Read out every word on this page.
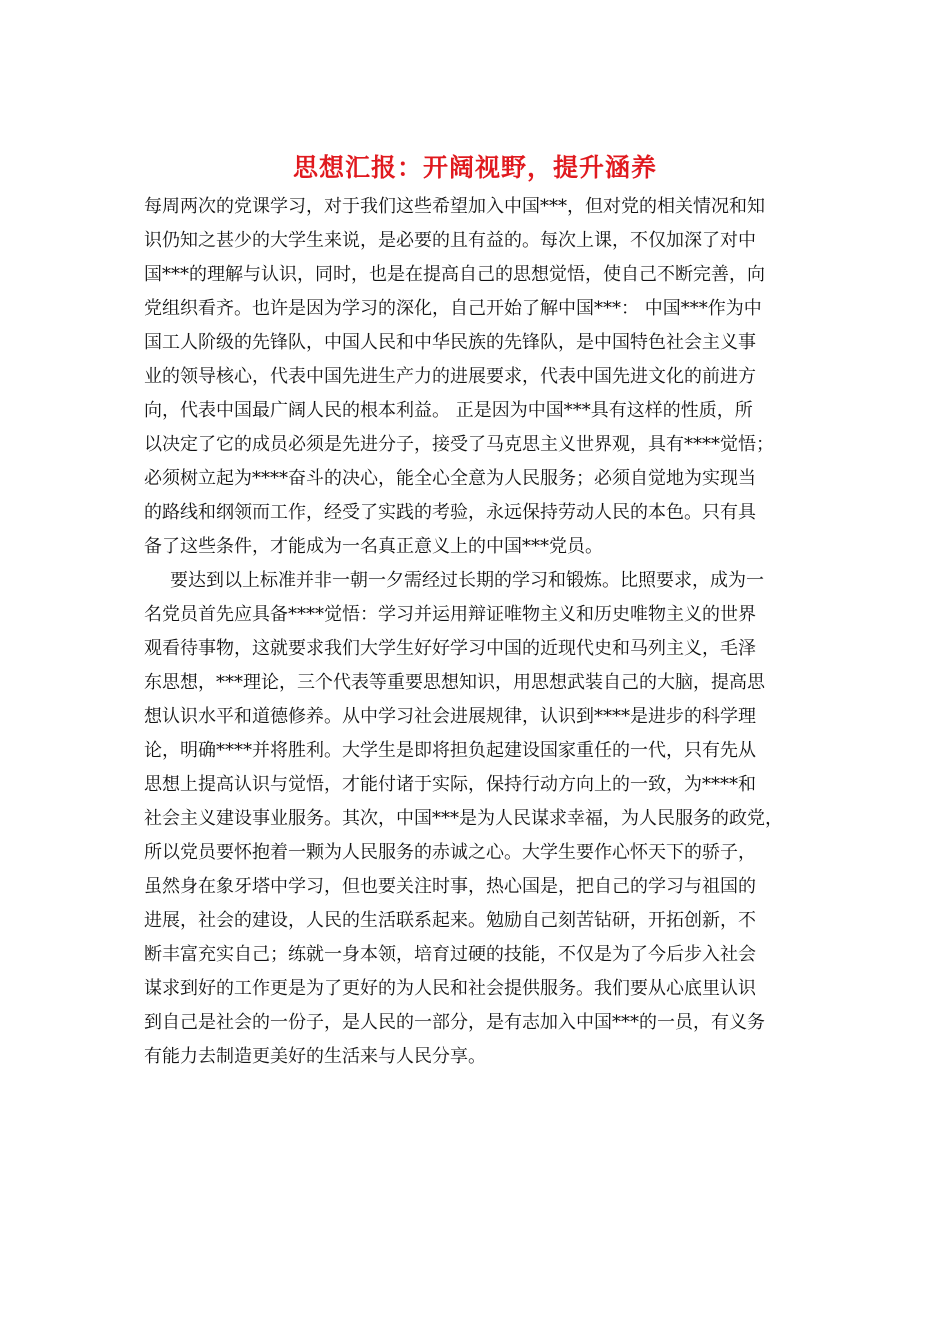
思想汇报：开阔视野，提升涵养
每周两次的党课学习，对于我们这些希望加入中国***，但对党的相关情况和知
识仍知之甚少的大学生来说，是必要的且有益的。每次上课，不仅加深了对中
国***的理解与认识，同时，也是在提高自己的思想觉悟，使自己不断完善，向
党组织看齐。也许是因为学习的深化，自己开始了解中国***： 中国***作为中
国工人阶级的先锋队，中国人民和中华民族的先锋队，是中国特色社会主义事
业的领导核心，代表中国先进生产力的进展要求，代表中国先进文化的前进方
向，代表中国最广阔人民的根本利益。 正是因为中国***具有这样的性质，所
以决定了它的成员必须是先进分子，接受了马克思主义世界观，具有****觉悟；
必须树立起为****奋斗的决心，能全心全意为人民服务；必须自觉地为实现当
的路线和纲领而工作，经受了实践的考验，永远保持劳动人民的本色。只有具
备了这些条件，才能成为一名真正意义上的中国***党员。
要达到以上标准并非一朝一夕需经过长期的学习和锻炼。比照要求，成为一
名党员首先应具备****觉悟：学习并运用辩证唯物主义和历史唯物主义的世界
观看待事物，这就要求我们大学生好好学习中国的近现代史和马列主义，毛泽
东思想，***理论，三个代表等重要思想知识，用思想武装自己的大脑，提高思
想认识水平和道德修养。从中学习社会进展规律，认识到****是进步的科学理
论，明确****并将胜利。大学生是即将担负起建设国家重任的一代，只有先从
思想上提高认识与觉悟，才能付诸于实际，保持行动方向上的一致，为****和
社会主义建设事业服务。其次，中国***是为人民谋求幸福，为人民服务的政党，
所以党员要怀抱着一颗为人民服务的赤诚之心。大学生要作心怀天下的骄子，
虽然身在象牙塔中学习，但也要关注时事，热心国是，把自己的学习与祖国的
进展，社会的建设，人民的生活联系起来。勉励自己刻苦钻研，开拓创新，不
断丰富充实自己；练就一身本领，培育过硬的技能，不仅是为了今后步入社会
谋求到好的工作更是为了更好的为人民和社会提供服务。我们要从心底里认识
到自己是社会的一份子，是人民的一部分，是有志加入中国***的一员，有义务
有能力去制造更美好的生活来与人民分享。
